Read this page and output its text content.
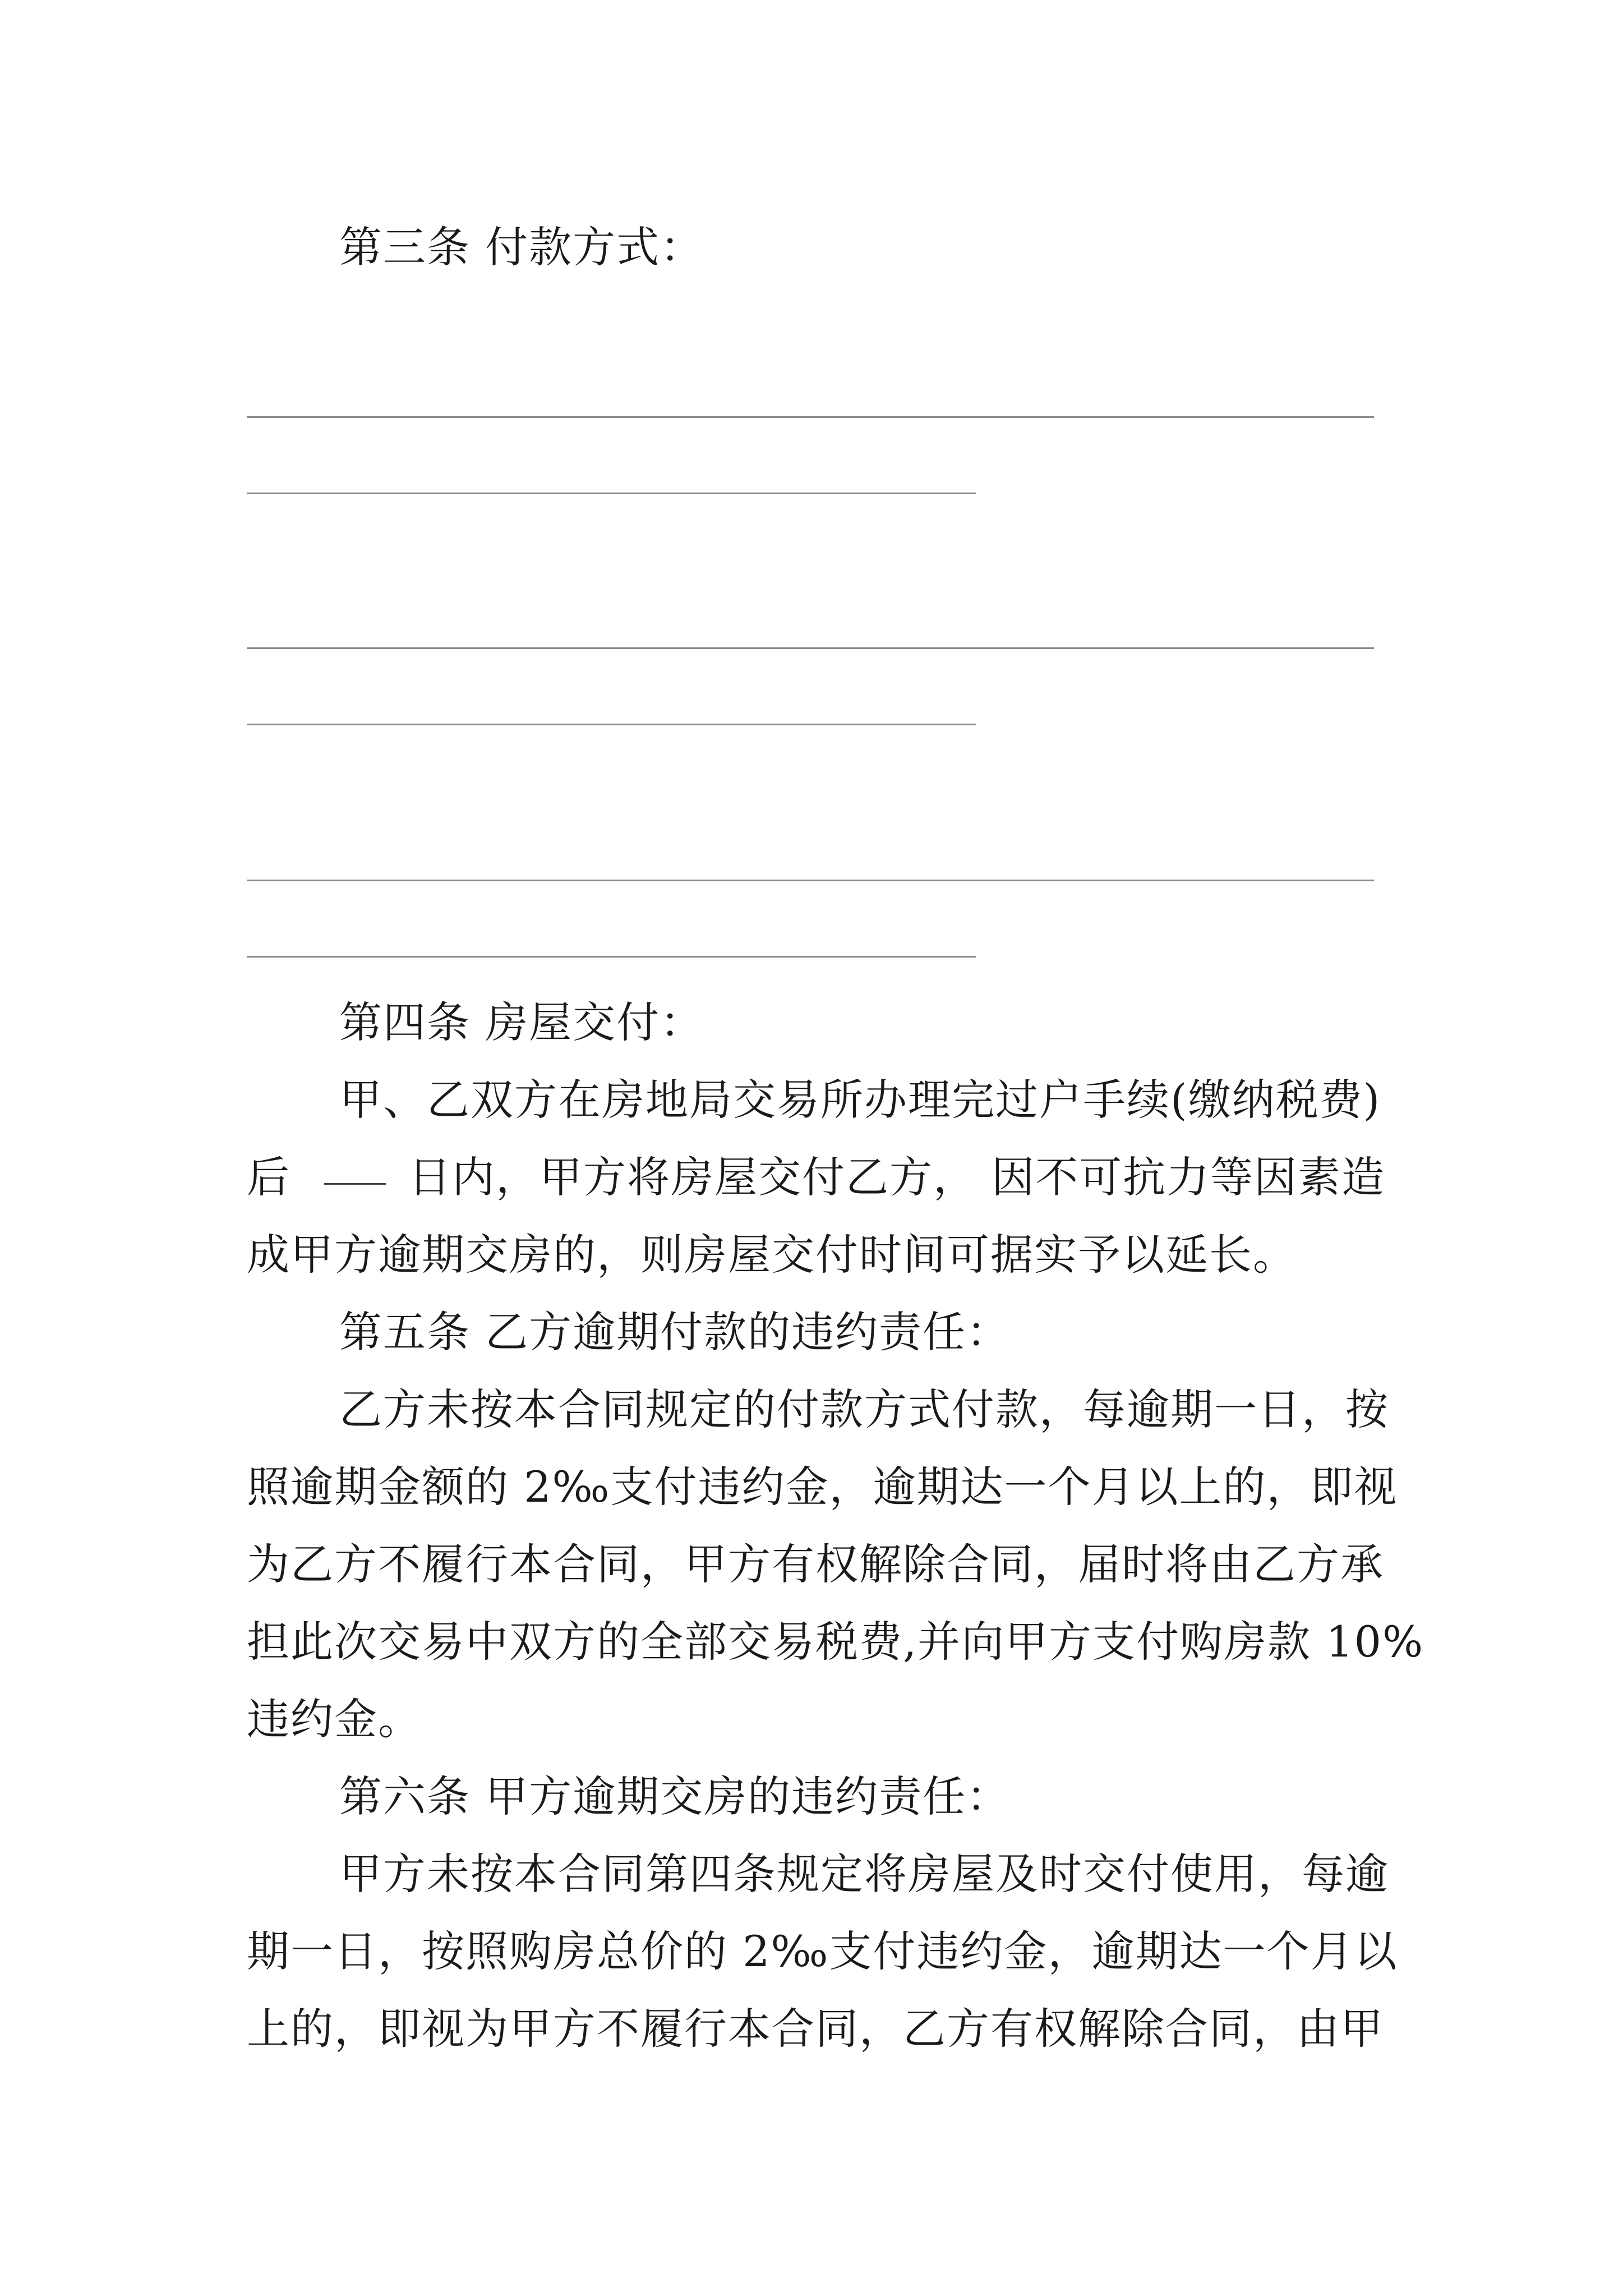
第三条 付款方式：
第四条 房屋交付：
甲、乙双方在房地局交易所办理完过户手续(缴纳税费)
后	日内，甲方将房屋交付乙方， 因不可抗力等因素造
成甲方逾期交房的，则房屋交付时间可据实予以延长。
第五条 乙方逾期付款的违约责任：
乙方未按本合同规定的付款方式付款，每逾期一日，按
照逾期金额的 2‰支付违约金，逾期达一个月以上的，即视
为乙方不履行本合同，甲方有权解除合同，届时将由乙方承
担此次交易中双方的全部交易税费,并向甲方支付购房款 10%
违约金。
第六条 甲方逾期交房的违约责任：
甲方未按本合同第四条规定将房屋及时交付使用，每逾
期一日，按照购房总价的 2‰支付违约金，逾期达一个月以
上的，即视为甲方不履行本合同，乙方有权解除合同，由甲
